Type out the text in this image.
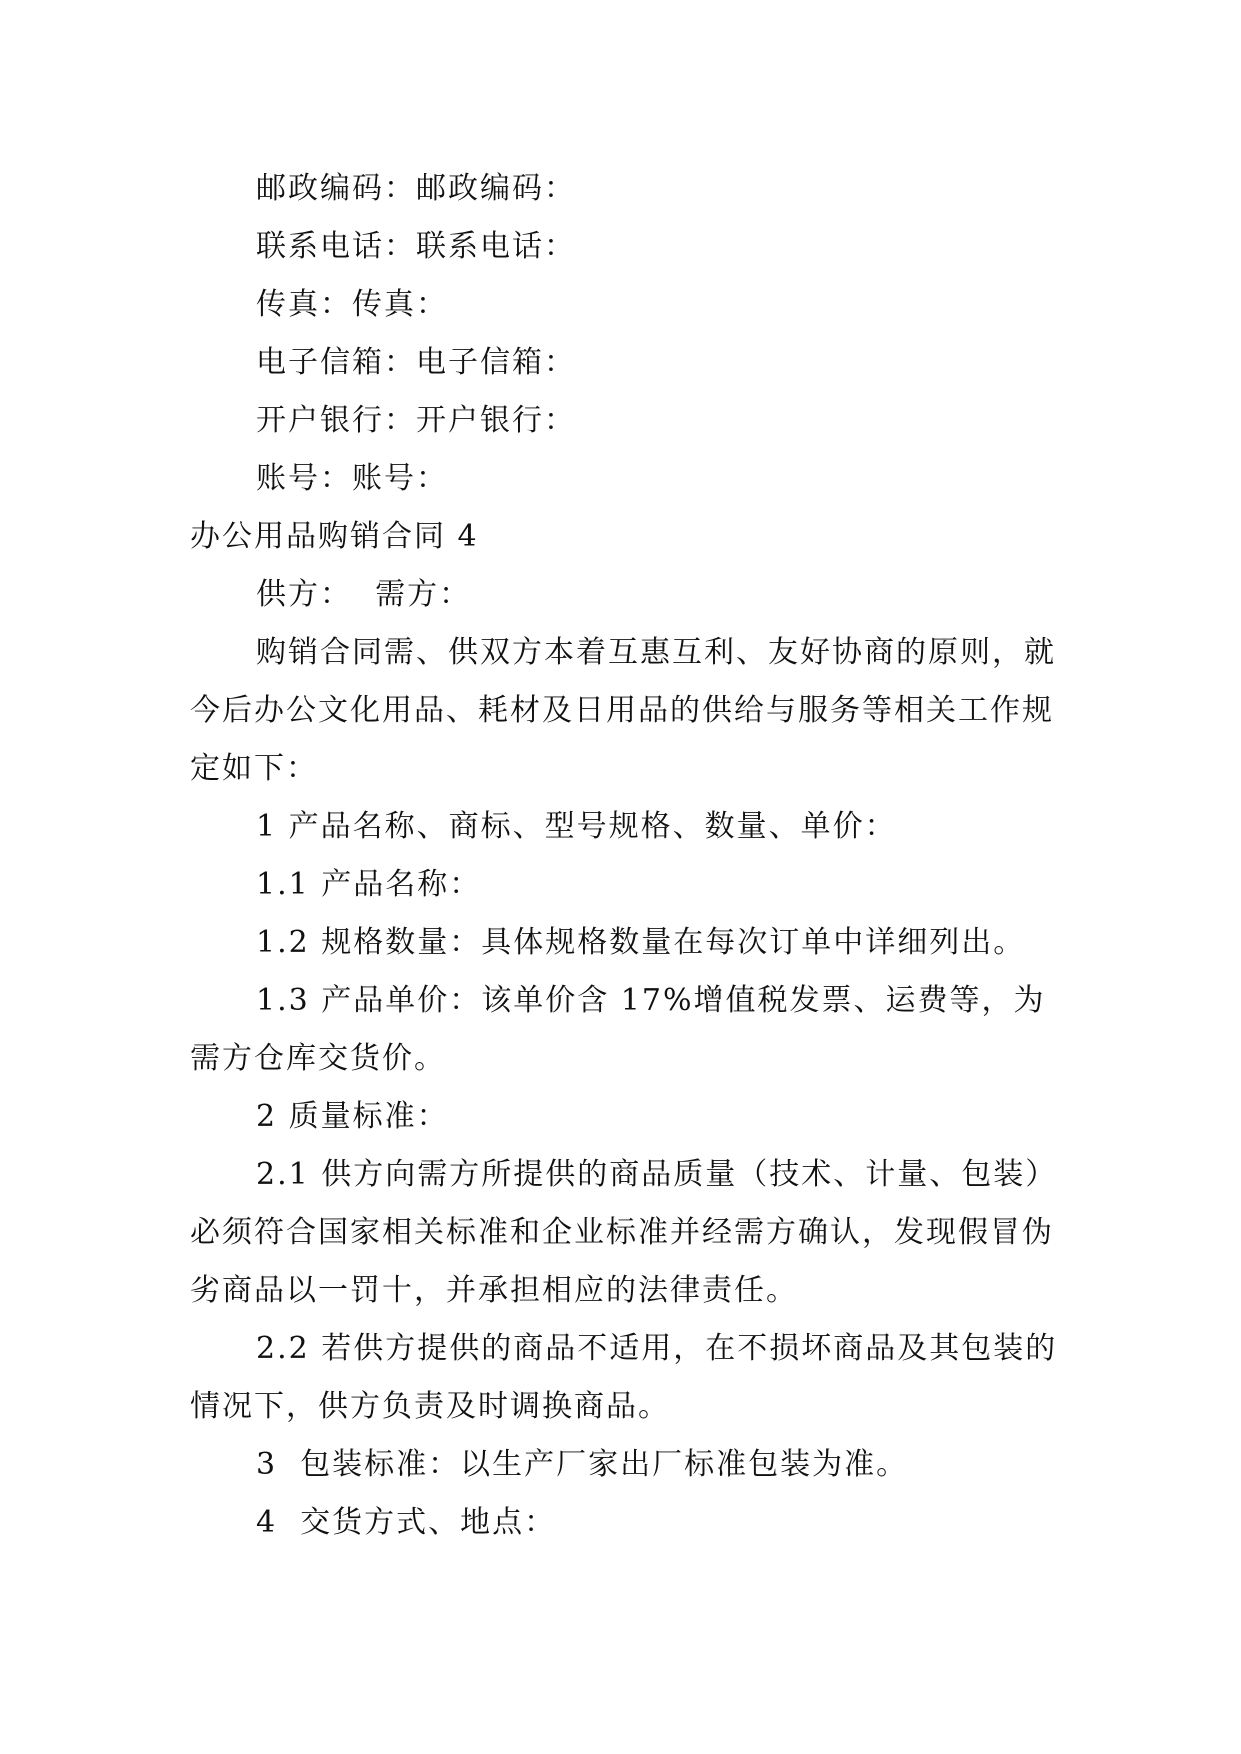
邮政编码：邮政编码：

联系电话：联系电话：

传真：传真：

电子信箱：电子信箱：

开户银行：开户银行：

账号：账号：

办公用品购销合同 4

供方：  需方：

购销合同需、供双方本着互惠互利、友好协商的原则，就今后办公文化用品、耗材及日用品的供给与服务等相关工作规定如下：

1 产品名称、商标、型号规格、数量、单价：

1.1 产品名称：

1.2 规格数量：具体规格数量在每次订单中详细列出。

1.3 产品单价：该单价含 17%增值税发票、运费等，为需方仓库交货价。

2 质量标准：

2.1 供方向需方所提供的商品质量（技术、计量、包装）必须符合国家相关标准和企业标准并经需方确认，发现假冒伪劣商品以一罚十，并承担相应的法律责任。

2.2 若供方提供的商品不适用，在不损坏商品及其包装的情况下，供方负责及时调换商品。

3  包装标准：以生产厂家出厂标准包装为准。

4  交货方式、地点：
